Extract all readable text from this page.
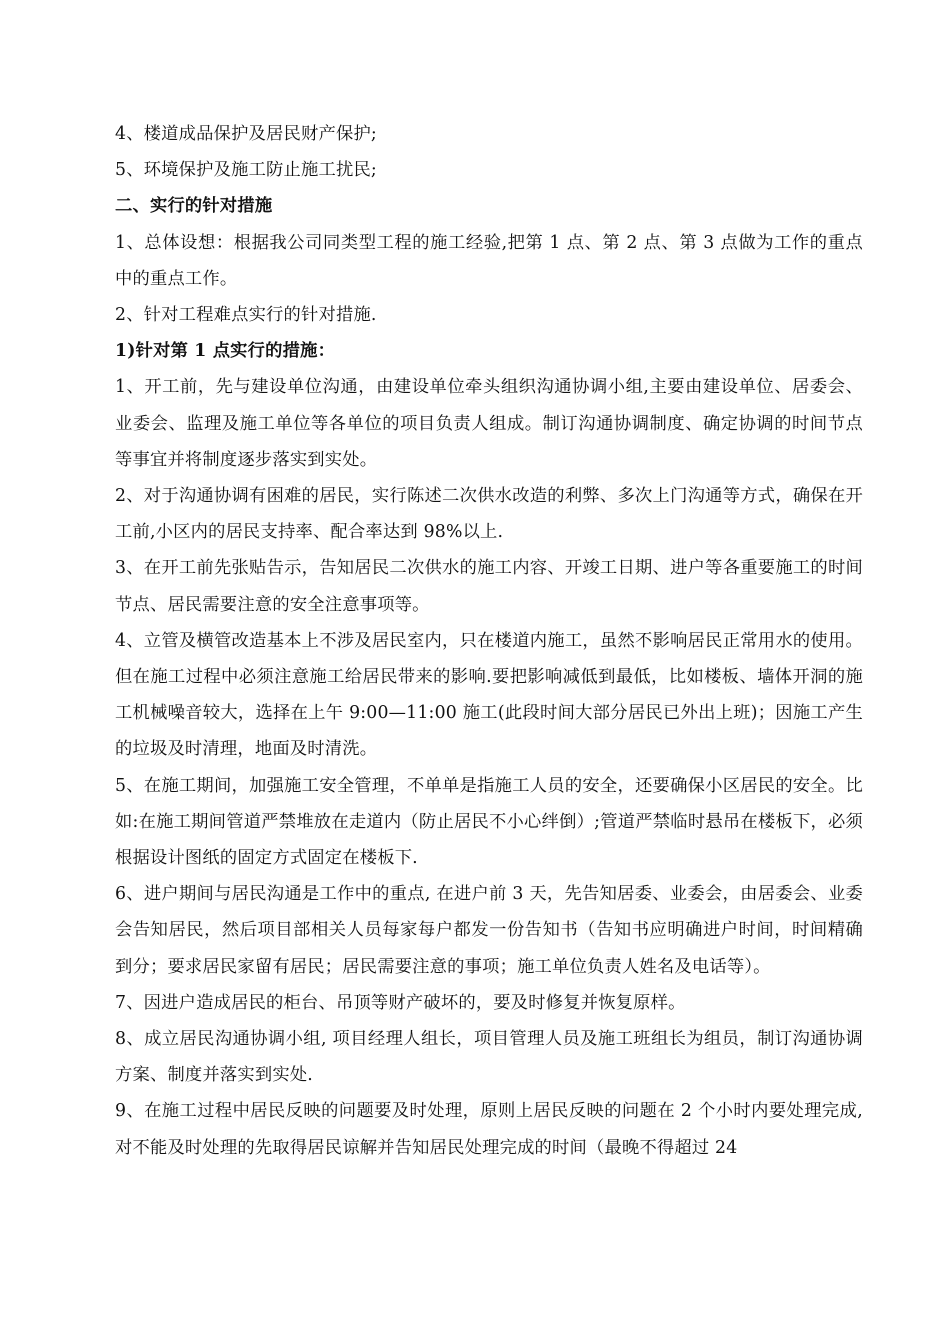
4、楼道成品保护及居民财产保护;

5、环境保护及施工防止施工扰民;

二、实行的针对措施

1、总体设想：根据我公司同类型工程的施工经验,把第 1 点、第 2 点、第 3 点做为工作的重点中的重点工作。

2、针对工程难点实行的针对措施.

1)针对第 1 点实行的措施：

1、开工前，先与建设单位沟通，由建设单位牵头组织沟通协调小组,主要由建设单位、居委会、业委会、监理及施工单位等各单位的项目负责人组成。制订沟通协调制度、确定协调的时间节点等事宜并将制度逐步落实到实处。

2、对于沟通协调有困难的居民，实行陈述二次供水改造的利弊、多次上门沟通等方式，确保在开工前,小区内的居民支持率、配合率达到 98%以上.

3、在开工前先张贴告示，告知居民二次供水的施工内容、开竣工日期、进户等各重要施工的时间节点、居民需要注意的安全注意事项等。

4、立管及横管改造基本上不涉及居民室内，只在楼道内施工，虽然不影响居民正常用水的使用。但在施工过程中必须注意施工给居民带来的影响.要把影响减低到最低，比如楼板、墙体开洞的施工机械噪音较大，选择在上午 9:00—11:00 施工(此段时间大部分居民已外出上班)；因施工产生的垃圾及时清理，地面及时清洗。

5、在施工期间，加强施工安全管理，不单单是指施工人员的安全，还要确保小区居民的安全。比如:在施工期间管道严禁堆放在走道内（防止居民不小心绊倒）;管道严禁临时悬吊在楼板下，必须根据设计图纸的固定方式固定在楼板下.

6、进户期间与居民沟通是工作中的重点, 在进户前 3 天，先告知居委、业委会，由居委会、业委会告知居民，然后项目部相关人员每家每户都发一份告知书（告知书应明确进户时间，时间精确到分；要求居民家留有居民；居民需要注意的事项；施工单位负责人姓名及电话等）。

7、因进户造成居民的柜台、吊顶等财产破坏的，要及时修复并恢复原样。

8、成立居民沟通协调小组, 项目经理人组长，项目管理人员及施工班组长为组员，制订沟通协调方案、制度并落实到实处.

9、在施工过程中居民反映的问题要及时处理，原则上居民反映的问题在 2 个小时内要处理完成,对不能及时处理的先取得居民谅解并告知居民处理完成的时间（最晚不得超过 24
